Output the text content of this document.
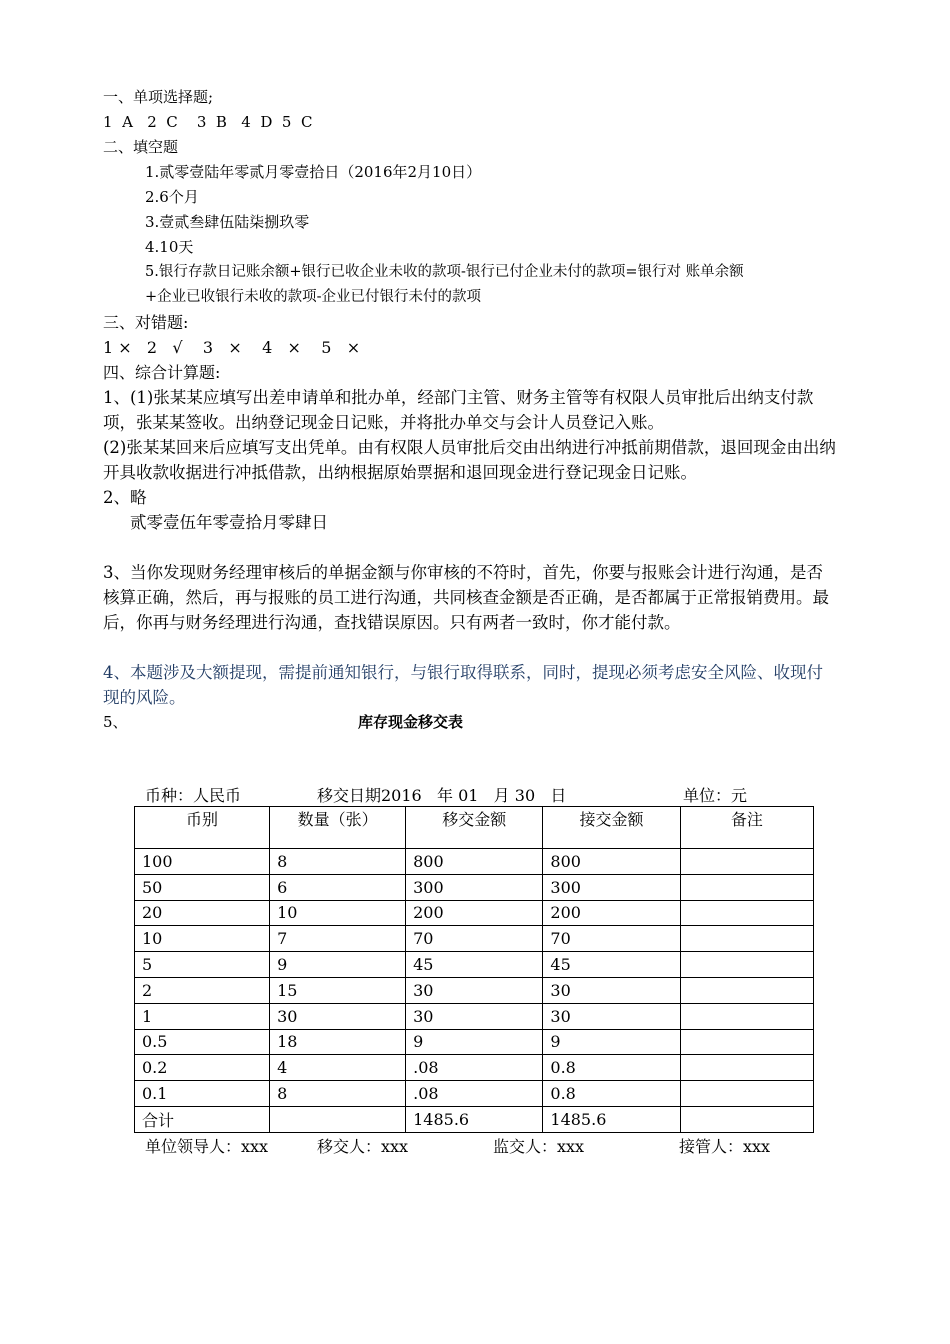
一、单项选择题;
1  A   2  C    3  B   4  D  5  C
二、填空题
1.贰零壹陆年零贰月零壹拾日（2016年2月10日）
2.6个月
3.壹贰叁肆伍陆柒捌玖零
4.10天
5.银行存款日记账余额+银行已收企业未收的款项-银行已付企业未付的款项=银行对 账单余额
+企业已收银行未收的款项-企业已付银行未付的款项
三、对错题:
1 ×   2   √    3   ×    4   ×    5   ×
四、综合计算题:
1、(1)张某某应填写出差申请单和批办单，经部门主管、财务主管等有权限人员审批后出纳支付款项，张某某签收。出纳登记现金日记账，并将批办单交与会计人员登记入账。
(2)张某某回来后应填写支出凭单。由有权限人员审批后交由出纳进行冲抵前期借款，退回现金由出纳开具收款收据进行冲抵借款，出纳根据原始票据和退回现金进行登记现金日记账。
2、略
贰零壹伍年零壹拾月零肆日
3、当你发现财务经理审核后的单据金额与你审核的不符时，首先，你要与报账会计进行沟通，是否核算正确，然后，再与报账的员工进行沟通，共同核查金额是否正确，是否都属于正常报销费用。最后，你再与财务经理进行沟通，查找错误原因。只有两者一致时，你才能付款。
4、本题涉及大额提现，需提前通知银行，与银行取得联系，同时，提现必须考虑安全风险、收现付现的风险。
5、	库存现金移交表
币种：人民币	移交日期2016   年 01   月 30   日	单位：元
币别	数量（张）	移交金额	接交金额	备注
100	8	800	800	
50	6	300	300	
20	10	200	200	
10	7	70	70	
5	9	45	45	
2	15	30	30	
1	30	30	30	
0.5	18	9	9	
0.2	4	.08	0.8	
0.1	8	.08	0.8	
合计		1485.6	1485.6	
单位领导人：xxx	移交人：xxx	监交人：xxx	接管人：xxx
